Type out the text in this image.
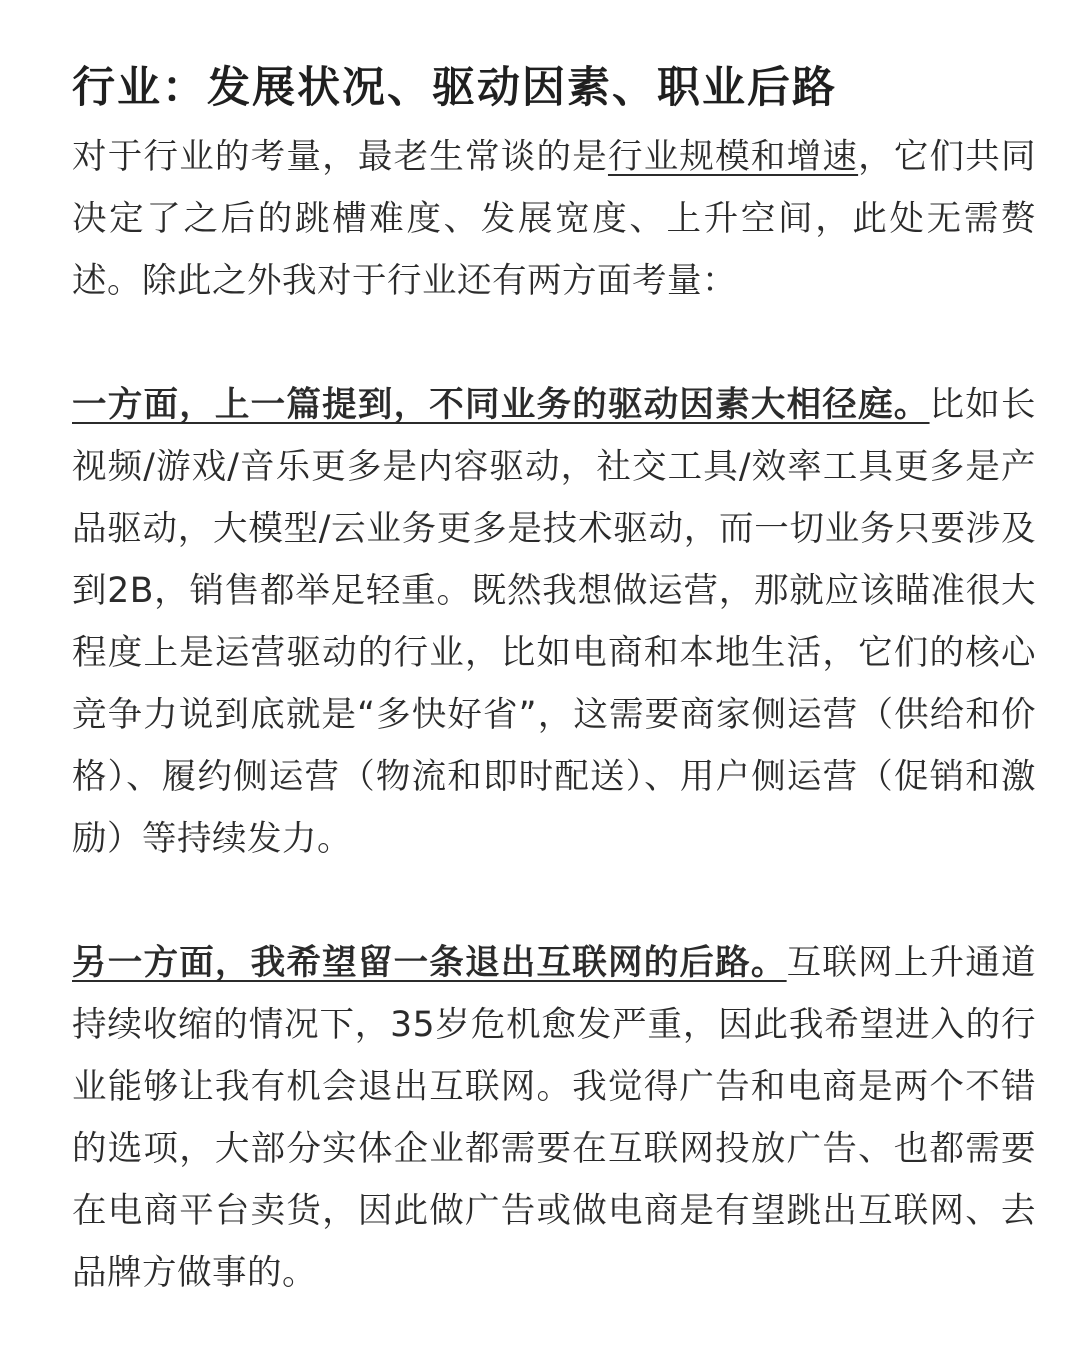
行业：发展状况、驱动因素、职业后路

对于行业的考量，最老生常谈的是行业规模和增速，它们共同决定了之后的跳槽难度、发展宽度、上升空间，此处无需赘述。除此之外我对于行业还有两方面考量：

一方面，上一篇提到，不同业务的驱动因素大相径庭。比如长视频/游戏/音乐更多是内容驱动，社交工具/效率工具更多是产品驱动，大模型/云业务更多是技术驱动，而一切业务只要涉及到2B，销售都举足轻重。既然我想做运营，那就应该瞄准很大程度上是运营驱动的行业，比如电商和本地生活，它们的核心竞争力说到底就是“多快好省”，这需要商家侧运营（供给和价格）、履约侧运营（物流和即时配送）、用户侧运营（促销和激励）等持续发力。

另一方面，我希望留一条退出互联网的后路。互联网上升通道持续收缩的情况下，35岁危机愈发严重，因此我希望进入的行业能够让我有机会退出互联网。我觉得广告和电商是两个不错的选项，大部分实体企业都需要在互联网投放广告、也都需要在电商平台卖货，因此做广告或做电商是有望跳出互联网、去品牌方做事的。
